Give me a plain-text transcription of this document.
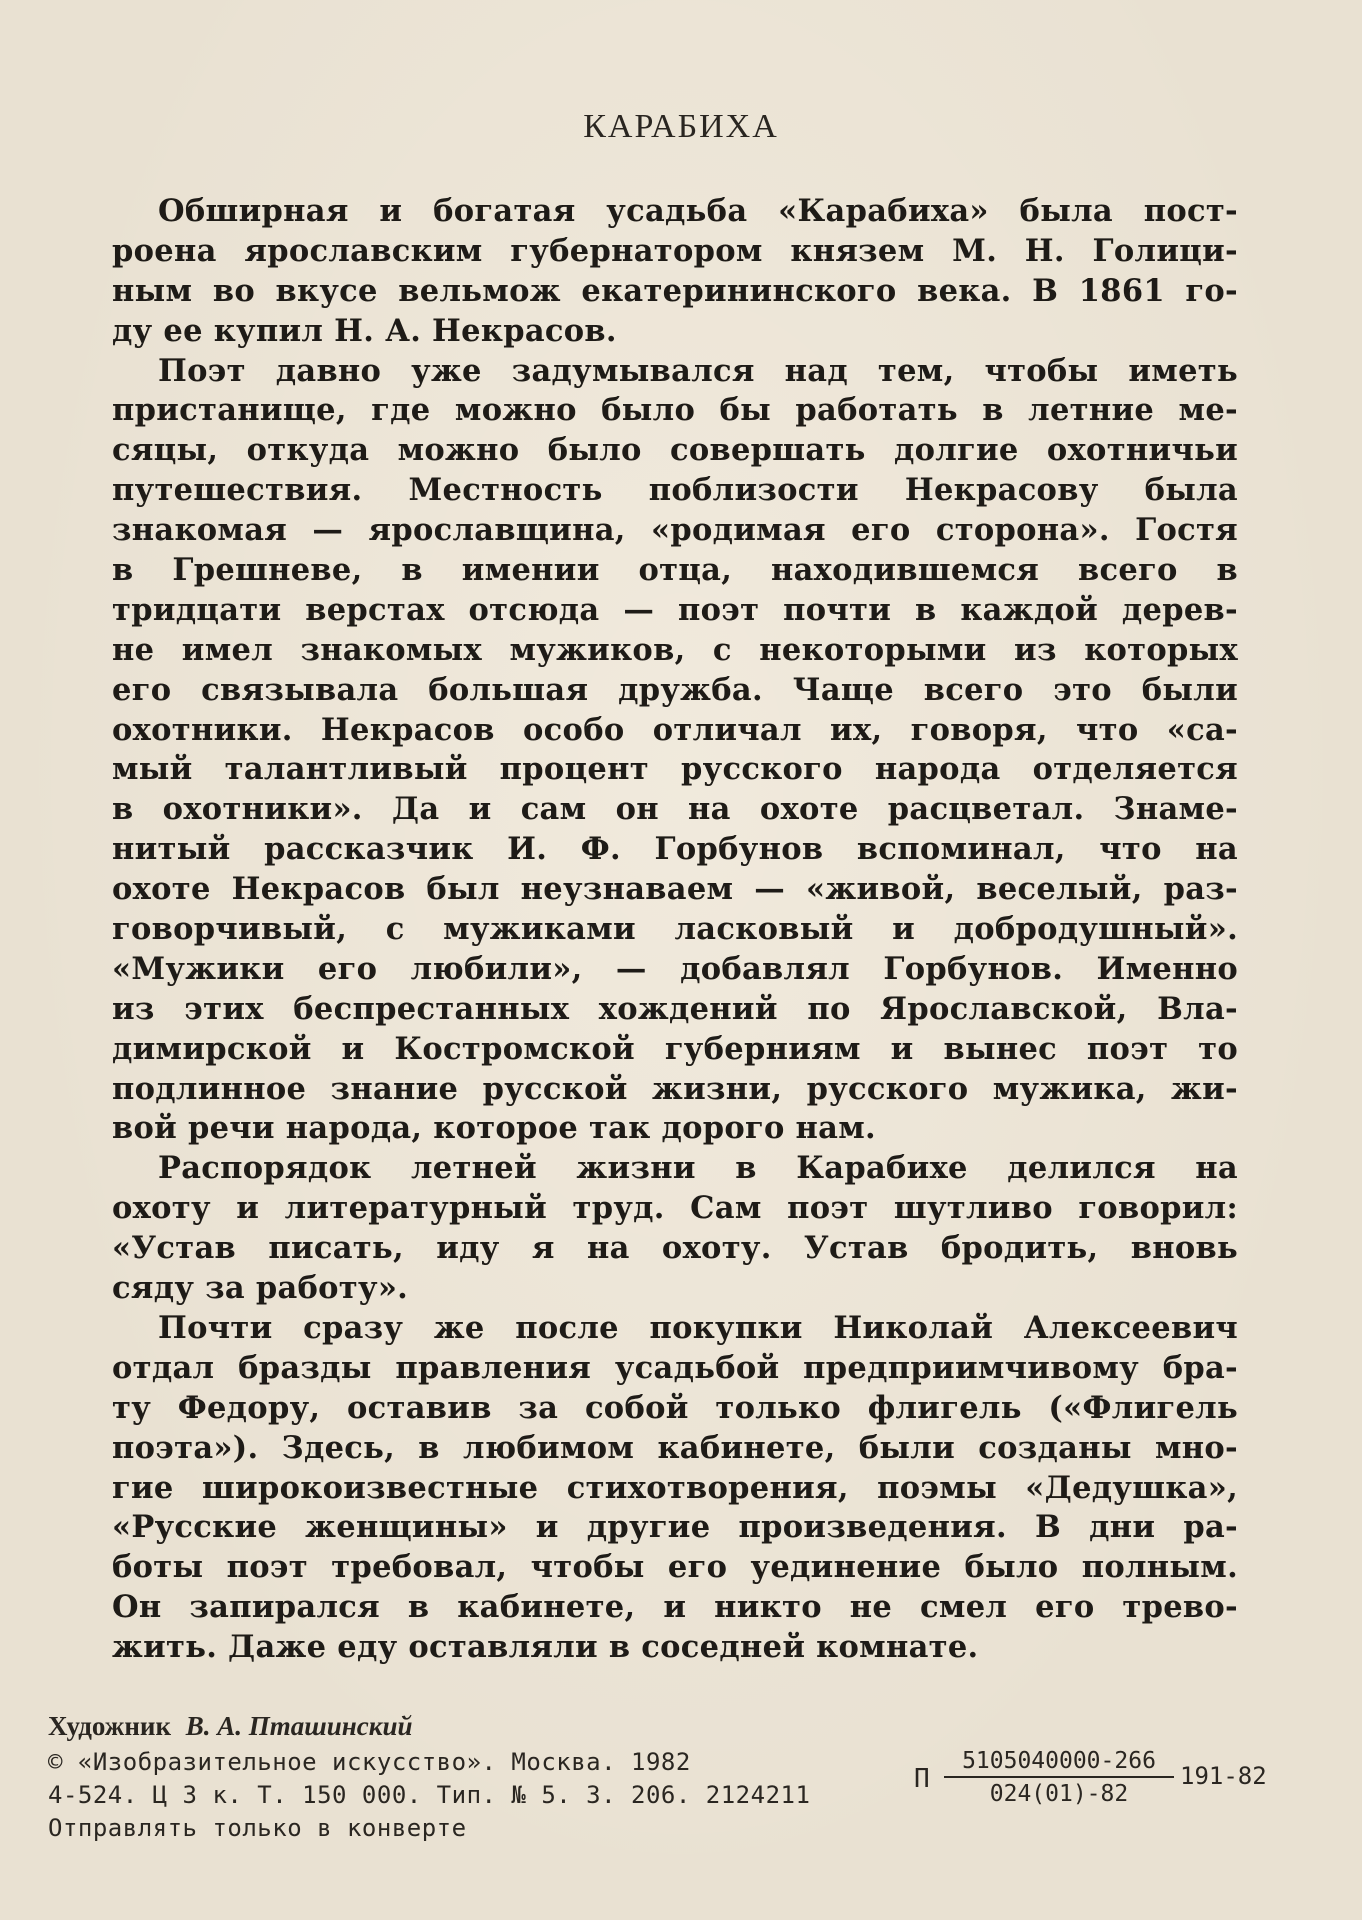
КАРАБИХА
Обширная и богатая усадьба «Карабиха» была пост-
роена ярославским губернатором князем М. Н. Голици-
ным во вкусе вельмож екатерининского века. В 1861 го-
ду ее купил Н. А. Некрасов.
Поэт давно уже задумывался над тем, чтобы иметь
пристанище, где можно было бы работать в летние ме-
сяцы, откуда можно было совершать долгие охотничьи
путешествия. Местность поблизости Некрасову была
знакомая — ярославщина, «родимая его сторона». Гостя
в Грешневе, в имении отца, находившемся всего в
тридцати верстах отсюда — поэт почти в каждой дерев-
не имел знакомых мужиков, с некоторыми из которых
его связывала большая дружба. Чаще всего это были
охотники. Некрасов особо отличал их, говоря, что «са-
мый талантливый процент русского народа отделяется
в охотники». Да и сам он на охоте расцветал. Знаме-
нитый рассказчик И. Ф. Горбунов вспоминал, что на
охоте Некрасов был неузнаваем — «живой, веселый, раз-
говорчивый, с мужиками ласковый и добродушный».
«Мужики его любили», — добавлял Горбунов. Именно
из этих беспрестанных хождений по Ярославской, Вла-
димирской и Костромской губерниям и вынес поэт то
подлинное знание русской жизни, русского мужика, жи-
вой речи народа, которое так дорого нам.
Распорядок летней жизни в Карабихе делился на
охоту и литературный труд. Сам поэт шутливо говорил:
«Устав писать, иду я на охоту. Устав бродить, вновь
сяду за работу».
Почти сразу же после покупки Николай Алексеевич
отдал бразды правления усадьбой предприимчивому бра-
ту Федору, оставив за собой только флигель («Флигель
поэта»). Здесь, в любимом кабинете, были созданы мно-
гие широкоизвестные стихотворения, поэмы «Дедушка»,
«Русские женщины» и другие произведения. В дни ра-
боты поэт требовал, чтобы его уединение было полным.
Он запирался в кабинете, и никто не смел его трево-
жить. Даже еду оставляли в соседней комнате.
Художник В. А. Пташинский
© «Изобразительное искусство». Москва. 1982
4-524. Ц 3 к. Т. 150 000. Тип. № 5. З. 206. 2124211
Отправлять только в конверте
П $\frac{5105040000-266}{024(01)-82} 191-82$
